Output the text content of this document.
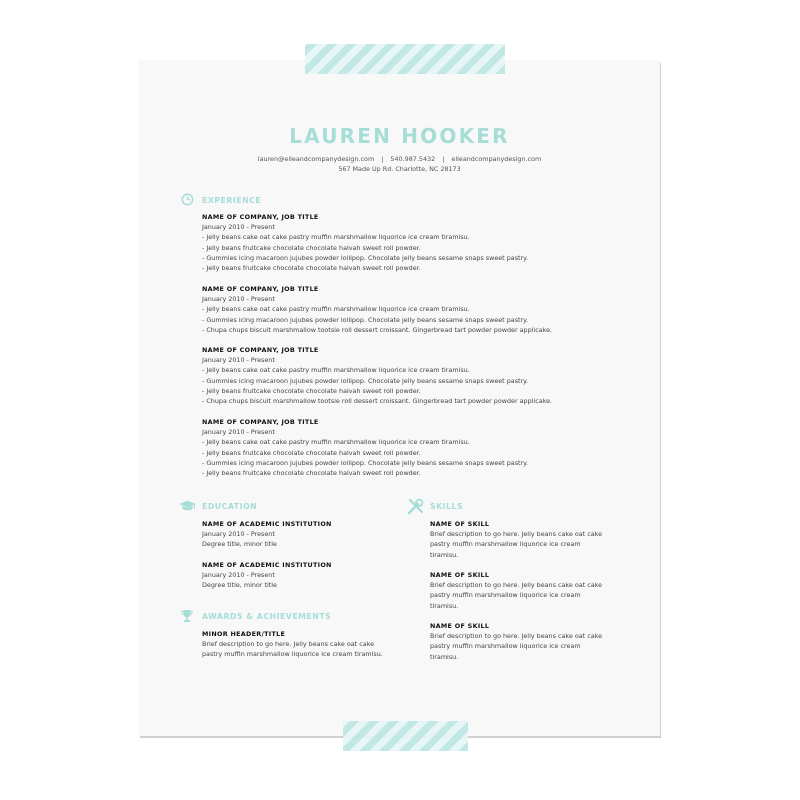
LAUREN HOOKER
lauren@elleandcompanydesign.com | 540.987.5432 | elleandcompanydesign.com
567 Made Up Rd. Charlotte, NC 28173
EXPERIENCE
NAME OF COMPANY, JOB TITLE
January 2010 - Present
- Jelly beans cake oat cake pastry muffin marshmallow liquorice ice cream tiramisu.
- Jelly beans fruitcake chocolate chocolate halvah sweet roll powder.
- Gummies icing macaroon jujubes powder lollipop. Chocolate jelly beans sesame snaps sweet pastry.
- Jelly beans fruitcake chocolate chocolate halvah sweet roll powder.
NAME OF COMPANY, JOB TITLE
January 2010 - Present
- Jelly beans cake oat cake pastry muffin marshmallow liquorice ice cream tiramisu.
- Gummies icing macaroon jujubes powder lollipop. Chocolate jelly beans sesame snaps sweet pastry.
- Chupa chups biscuit marshmallow tootsie roll dessert croissant. Gingerbread tart powder powder applicake.
NAME OF COMPANY, JOB TITLE
January 2010 - Present
- Jelly beans cake oat cake pastry muffin marshmallow liquorice ice cream tiramisu.
- Gummies icing macaroon jujubes powder lollipop. Chocolate jelly beans sesame snaps sweet pastry.
- Jelly beans fruitcake chocolate chocolate halvah sweet roll powder.
- Chupa chups biscuit marshmallow tootsie roll dessert croissant. Gingerbread tart powder powder applicake.
NAME OF COMPANY, JOB TITLE
January 2010 - Present
- Jelly beans cake oat cake pastry muffin marshmallow liquorice ice cream tiramisu.
- Jelly beans fruitcake chocolate chocolate halvah sweet roll powder.
- Gummies icing macaroon jujubes powder lollipop. Chocolate jelly beans sesame snaps sweet pastry.
- Jelly beans fruitcake chocolate chocolate halvah sweet roll powder.
EDUCATION
NAME OF ACADEMIC INSTITUTION
January 2010 - Present
Degree title, minor title
NAME OF ACADEMIC INSTITUTION
January 2010 - Present
Degree title, minor title
AWARDS & ACHIEVEMENTS
MINOR HEADER/TITLE
Brief description to go here. Jelly beans cake oat cake pastry muffin marshmallow liquorice ice cream tiramisu.
SKILLS
NAME OF SKILL
Brief description to go here. Jelly beans cake oat cake pastry muffin marshmallow liquorice ice cream tiramisu.
NAME OF SKILL
Brief description to go here. Jelly beans cake oat cake pastry muffin marshmallow liquorice ice cream tiramisu.
NAME OF SKILL
Brief description to go here. Jelly beans cake oat cake pastry muffin marshmallow liquorice ice cream tiramisu.
